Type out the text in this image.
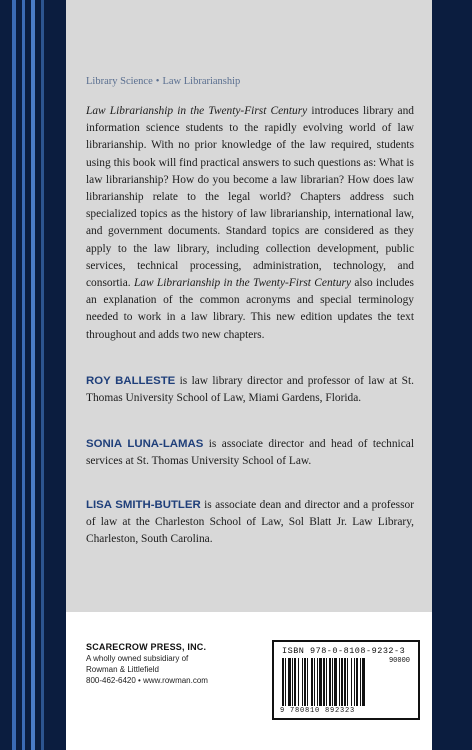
Library Science • Law Librarianship

Law Librarianship in the Twenty-First Century introduces library and information science students to the rapidly evolving world of law librarianship. With no prior knowledge of the law required, students using this book will find practical answers to such questions as: What is law librarianship? How do you become a law librarian? How does law librarianship relate to the legal world? Chapters address such specialized topics as the history of law librarianship, international law, and government documents. Standard topics are considered as they apply to the law library, including collection development, public services, technical processing, administration, technology, and consortia. Law Librarianship in the Twenty-First Century also includes an explanation of the common acronyms and special terminology needed to work in a law library. This new edition updates the text throughout and adds two new chapters.

ROY BALLESTE is law library director and professor of law at St. Thomas University School of Law, Miami Gardens, Florida.

SONIA LUNA-LAMAS is associate director and head of technical services at St. Thomas University School of Law.

LISA SMITH-BUTLER is associate dean and director and a professor of law at the Charleston School of Law, Sol Blatt Jr. Law Library, Charleston, South Carolina.

SCARECROW PRESS, INC.
A wholly owned subsidiary of
Rowman & Littlefield
800-462-6420 • www.rowman.com
ISBN 978-0-8108-9232-3
90000
9 780810 892323
